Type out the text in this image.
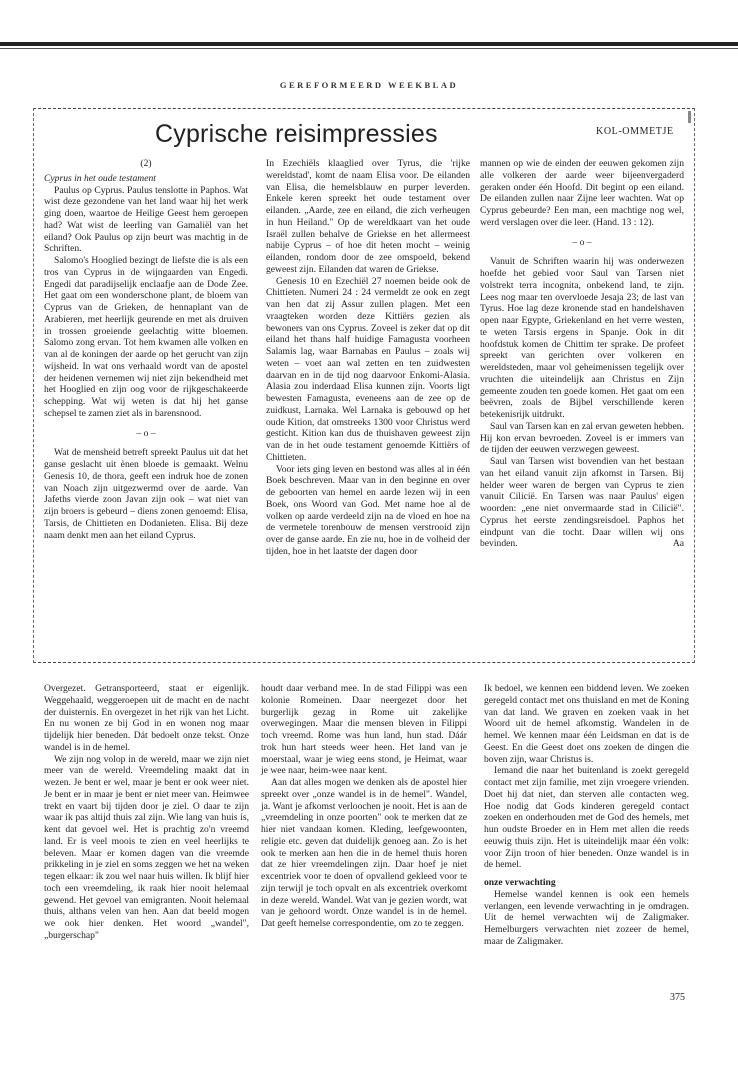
GEREFORMEERD WEEKBLAD
Cyprische reisimpressies	KOL-OMMETJE

(2)

Cyprus in het oude testament

Paulus op Cyprus. Paulus tenslotte in Paphos. Wat wist deze gezondene van het land waar hij het werk ging doen, waartoe de Heilige Geest hem geroepen had? Wat wist de leerling van Gamaliël van het eiland? Ook Paulus op zijn beurt was machtig in de Schriften.

Salomo's Hooglied bezingt de liefste die is als een tros van Cyprus in de wijngaarden van Engedi. Engedi dat paradijselijk enclaafje aan de Dode Zee. Het gaat om een wonderschone plant, de bloem van Cyprus van de Grieken, de hennaplant van de Arabieren, met heerlijk geurende en met als druiven in trossen groeiende geelachtig witte bloemen. Salomo zong ervan. Tot hem kwamen alle volken en van al de koningen der aarde op het gerucht van zijn wijsheid. In wat ons verhaald wordt van de apostel der heidenen vernemen wij niet zijn bekendheid met het Hooglied en zijn oog voor de rijkgeschakeerde schepping. Wat wij weten is dat hij het ganse schepsel te zamen ziet als in barensnood.

– o –

Wat de mensheid betreft spreekt Paulus uit dat het ganse geslacht uit ènen bloede is gemaakt. Welnu Genesis 10, de thora, geeft een indruk hoe de zonen van Noach zijn uitgezwermd over de aarde. Van Jafeths vierde zoon Javan zijn ook – wat niet van zijn broers is gebeurd – diens zonen genoemd: Elisa, Tarsis, de Chittieten en Dodanieten. Elisa. Bij deze naam denkt men aan het eiland Cyprus.

In Ezechiëls klaaglied over Tyrus, die 'rijke wereldstad', komt de naam Elisa voor. De eilanden van Elisa, die hemelsblauw en purper leverden. Enkele keren spreekt het oude testament over eilanden. „Aarde, zee en eiland, die zich verheugen in hun Heiland." Op de wereldkaart van het oude Israël zullen behalve de Griekse en het allermeest nabije Cyprus – of hoe dit heten mocht – weinig eilanden, rondom door de zee omspoeld, bekend geweest zijn. Eilanden dat waren de Griekse.

Genesis 10 en Ezechiël 27 noemen beide ook de Chittieten. Numeri 24 : 24 vermeldt ze ook en zegt van hen dat zij Assur zullen plagen. Met een vraagteken worden deze Kittiërs gezien als bewoners van ons Cyprus. Zoveel is zeker dat op dit eiland het thans half huidige Famagusta voorheen Salamis lag, waar Barnabas en Paulus – zoals wij weten – voet aan wal zetten en ten zuidwesten daarvan en in de tijd nog daarvoor Enkomi-Alasia. Alasia zou inderdaad Elisa kunnen zijn. Voorts ligt bewesten Famagusta, eveneens aan de zee op de zuidkust, Larnaka. Wel Larnaka is gebouwd op het oude Kition, dat omstreeks 1300 voor Christus werd gesticht. Kition kan dus de thuishaven geweest zijn van de in het oude testament genoemde Kittiërs of Chittieten.

Voor iets ging leven en bestond was alles al in één Boek beschreven. Maar van in den beginne en over de geboorten van hemel en aarde lezen wij in een Boek, ons Woord van God. Met name hoe al de volken op aarde verdeeld zijn na de vloed en hoe na de vermetele torenbouw de mensen verstrooid zijn over de ganse aarde. En zie nu, hoe in de volheid der tijden, hoe in het laatste der dagen door

mannen op wie de einden der eeuwen gekomen zijn alle volkeren der aarde weer bijeenvergaderd geraken onder één Hoofd. Dit begint op een eiland. De eilanden zullen naar Zijne leer wachten. Wat op Cyprus gebeurde? Een man, een machtige nog wel, werd verslagen over die leer. (Hand. 13 : 12).

– o –

Vanuit de Schriften waarin hij was onderwezen hoefde het gebied voor Saul van Tarsen niet volstrekt terra incognita, onbekend land, te zijn. Lees nog maar ten overvloede Jesaja 23; de last van Tyrus. Hoe lag deze kronende stad en handelshaven open naar Egypte, Griekenland en het verre westen, te weten Tarsis ergens in Spanje. Ook in dit hoofdstuk komen de Chittim ter sprake. De profeet spreekt van gerichten over volkeren en wereldsteden, maar vol geheimenissen tegelijk over vruchten die uiteindelijk aan Christus en Zijn gemeente zouden ten goede komen. Het gaat om een beëvren, zoals de Bijbel verschillende keren betekenisrijk uitdrukt.

Saul van Tarsen kan en zal ervan geweten hebben. Hij kon ervan bevroeden. Zoveel is er immers van de tijden der eeuwen verzwegen geweest.

Saul van Tarsen wist bovendien van het bestaan van het eiland vanuit zijn afkomst in Tarsen. Bij helder weer waren de bergen van Cyprus te zien vanuit Cilicië. En Tarsen was naar Paulus' eigen woorden: „ene niet onvermaarde stad in Cilicië". Cyprus het eerste zendingsreisdoel. Paphos het eindpunt van die tocht. Daar willen wij ons bevinden.	Aa

Overgezet. Getransporteerd, staat er eigenlijk. Weggehaald, weggeroepen uit de macht en de nacht der duisternis. En overgezet in het rijk van het Licht. En nu wonen ze bij God in en wonen nog maar tijdelijk hier beneden. Dát bedoelt onze tekst. Onze wandel is in de hemel.

We zijn nog volop in de wereld, maar we zijn niet meer van de wereld. Vreemdeling maakt dat in wezen. Je bent er wel, maar je bent er ook weer niet. Je bent er in maar je bent er niet meer van. Heimwee trekt en vaart bij tijden door je ziel. O daar te zijn waar ik pas altijd thuis zal zijn. Wie lang van huis is, kent dat gevoel wel. Het is prachtig zo'n vreemd land. Er is veel moois te zien en veel heerlijks te beleven. Maar er komen dagen van die vreemde prikkeling in je ziel en soms zeggen we het na weken tegen elkaar: ik zou wel naar huis willen. Ik blijf hier toch een vreemdeling, ik raak hier nooit helemaal gewend. Het gevoel van emigranten. Nooit helemaal thuis, althans velen van hen. Aan dat beeld mogen we ook hier denken. Het woord „wandel", „burgerschap"

houdt daar verband mee. In de stad Filippi was een kolonie Romeinen. Daar neergezet door het burgerlijk gezag in Rome uit zakelijke overwegingen. Maar die mensen bleven in Filippi toch vreemd. Rome was hun land, hun stad. Dáár trok hun hart steeds weer heen. Het land van je moerstaal, waar je wieg eens stond, je Heimat, waar je wee naar, heim-wee naar kent.

Aan dat alles mogen we denken als de apostel hier spreekt over „onze wandel is in de hemel". Wandel, ja. Want je afkomst verloochen je nooit. Het is aan de „vreemdeling in onze poorten" ook te merken dat ze hier niet vandaan komen. Kleding, leefgewoonten, religie etc. geven dat duidelijk genoeg aan. Zo is het ook te merken aan hen die in de hemel thuis horen dat ze hier vreemdelingen zijn. Daar hoef je niet excentriek voor te doen of opvallend gekleed voor te zijn terwijl je toch opvalt en als excentriek overkomt in deze wereld. Wandel. Wat van je gezien wordt, wat van je gehoord wordt. Onze wandel is in de hemel. Dat geeft hemelse correspondentie, om zo te zeggen.

Ik bedoel, we kennen een biddend leven. We zoeken geregeld contact met ons thuisland en met de Koning van dat land. We graven en zoeken vaak in het Woord uit de hemel afkomstig. Wandelen in de hemel. We kennen maar één Leidsman en dat is de Geest. En die Geest doet ons zoeken de dingen die boven zijn, waar Christus is.

Iemand die naar het buitenland is zoekt geregeld contact met zijn familie, met zijn vroegere vrienden. Doet hij dat niet, dan sterven alle contacten weg. Hoe nodig dat Gods kinderen geregeld contact zoeken en onderhouden met de God des hemels, met hun oudste Broeder en in Hem met allen die reeds eeuwig thuis zijn. Het is uiteindelijk maar één volk: voor Zijn troon of hier beneden. Onze wandel is in de hemel.

onze verwachting

Hemelse wandel kennen is ook een hemels verlangen, een levende verwachting in je omdragen. Uit de hemel verwachten wij de Zaligmaker. Hemelburgers verwachten niet zozeer de hemel, maar de Zaligmaker.

375
